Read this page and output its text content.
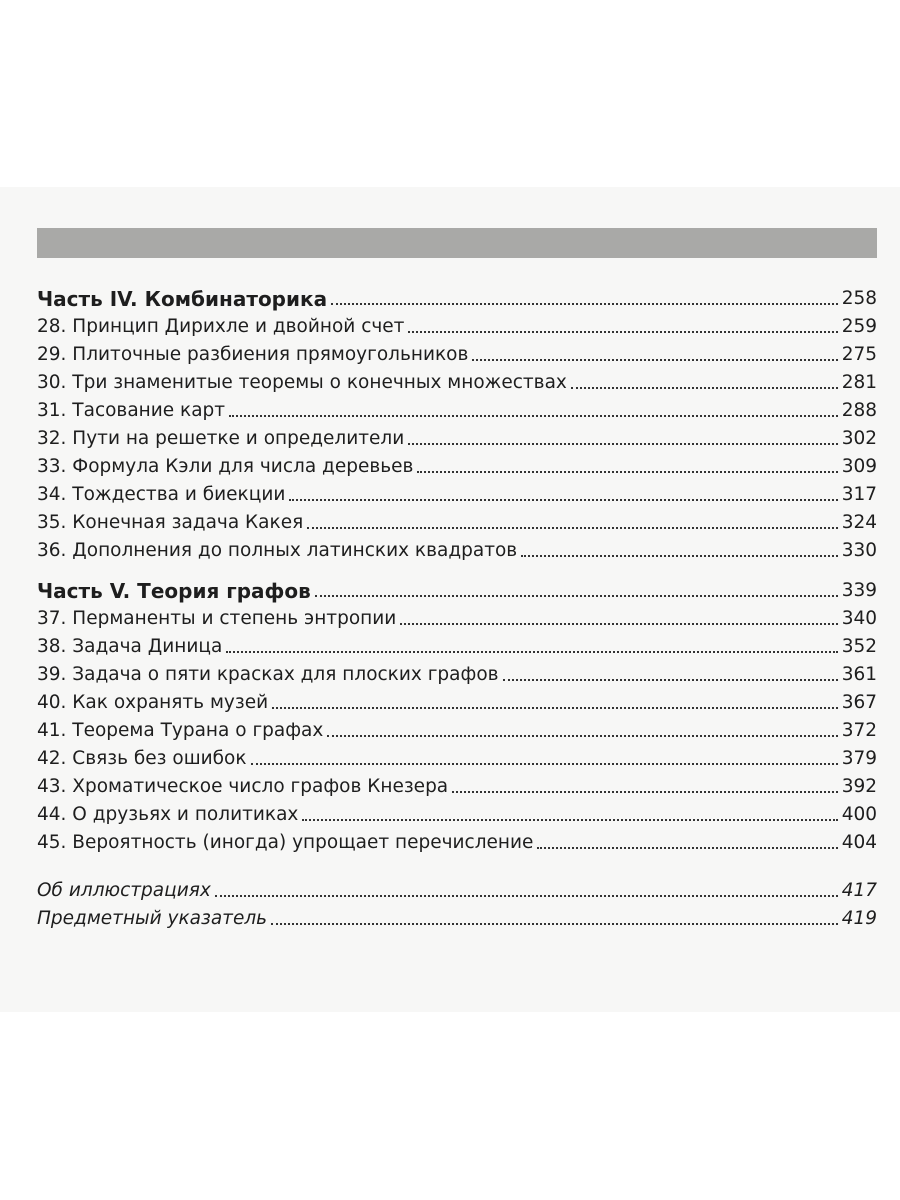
Часть IV. Комбинаторика	258
28. Принцип Дирихле и двойной счет	259
29. Плиточные разбиения прямоугольников	275
30. Три знаменитые теоремы о конечных множествах	281
31. Тасование карт	288
32. Пути на решетке и определители	302
33. Формула Кэли для числа деревьев	309
34. Тождества и биекции	317
35. Конечная задача Какея	324
36. Дополнения до полных латинских квадратов	330
Часть V. Теория графов	339
37. Перманенты и степень энтропии	340
38. Задача Диница	352
39. Задача о пяти красках для плоских графов	361
40. Как охранять музей	367
41. Теорема Турана о графах	372
42. Связь без ошибок	379
43. Хроматическое число графов Кнезера	392
44. О друзьях и политиках	400
45. Вероятность (иногда) упрощает перечисление	404
Об иллюстрациях	417
Предметный указатель	419
